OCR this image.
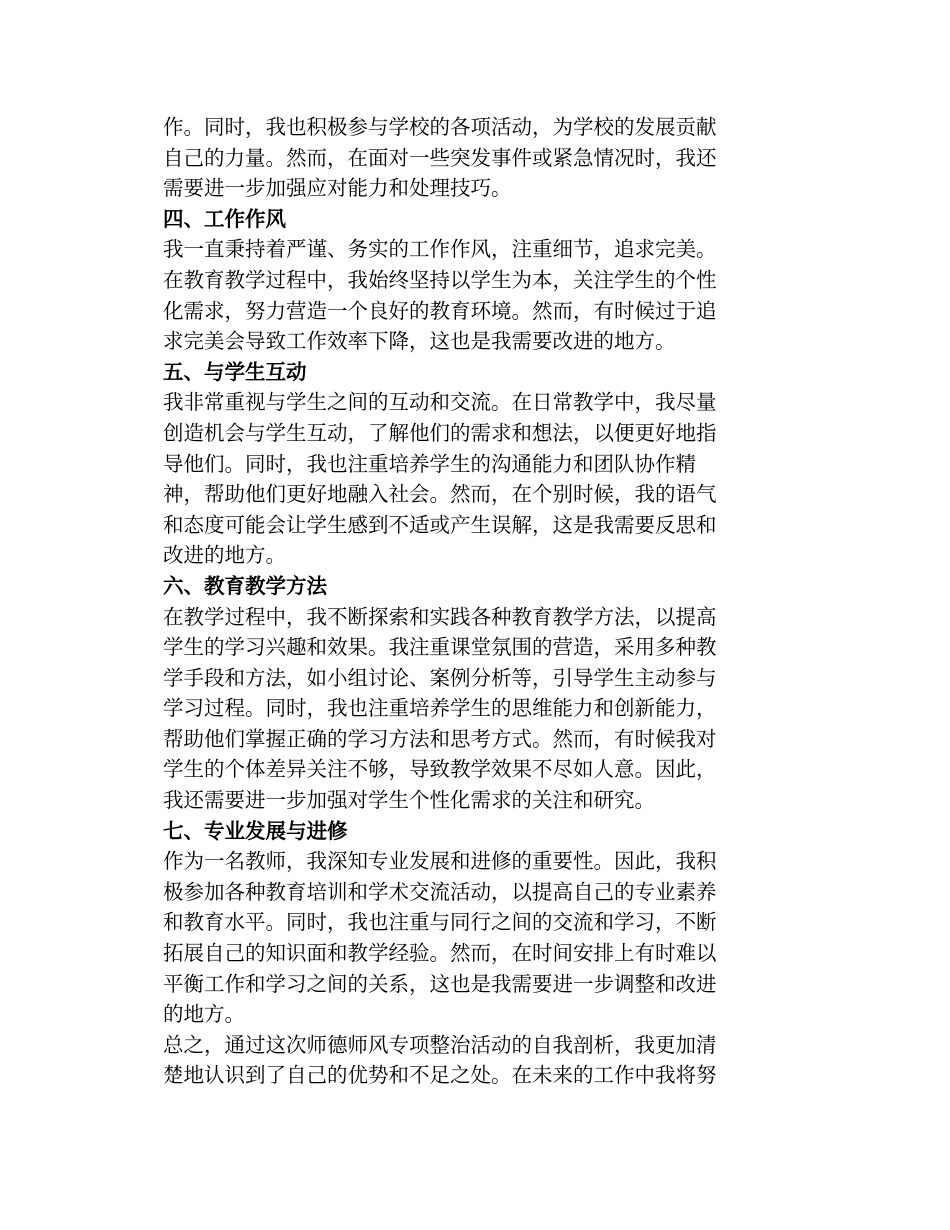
作。同时，我也积极参与学校的各项活动，为学校的发展贡献
自己的力量。然而，在面对一些突发事件或紧急情况时，我还
需要进一步加强应对能力和处理技巧。
四、工作作风
我一直秉持着严谨、务实的工作作风，注重细节，追求完美。
在教育教学过程中，我始终坚持以学生为本，关注学生的个性
化需求，努力营造一个良好的教育环境。然而，有时候过于追
求完美会导致工作效率下降，这也是我需要改进的地方。
五、与学生互动
我非常重视与学生之间的互动和交流。在日常教学中，我尽量
创造机会与学生互动，了解他们的需求和想法，以便更好地指
导他们。同时，我也注重培养学生的沟通能力和团队协作精
神，帮助他们更好地融入社会。然而，在个别时候，我的语气
和态度可能会让学生感到不适或产生误解，这是我需要反思和
改进的地方。
六、教育教学方法
在教学过程中，我不断探索和实践各种教育教学方法，以提高
学生的学习兴趣和效果。我注重课堂氛围的营造，采用多种教
学手段和方法，如小组讨论、案例分析等，引导学生主动参与
学习过程。同时，我也注重培养学生的思维能力和创新能力，
帮助他们掌握正确的学习方法和思考方式。然而，有时候我对
学生的个体差异关注不够，导致教学效果不尽如人意。因此，
我还需要进一步加强对学生个性化需求的关注和研究。
七、专业发展与进修
作为一名教师，我深知专业发展和进修的重要性。因此，我积
极参加各种教育培训和学术交流活动，以提高自己的专业素养
和教育水平。同时，我也注重与同行之间的交流和学习，不断
拓展自己的知识面和教学经验。然而，在时间安排上有时难以
平衡工作和学习之间的关系，这也是我需要进一步调整和改进
的地方。
总之，通过这次师德师风专项整治活动的自我剖析，我更加清
楚地认识到了自己的优势和不足之处。在未来的工作中我将努
